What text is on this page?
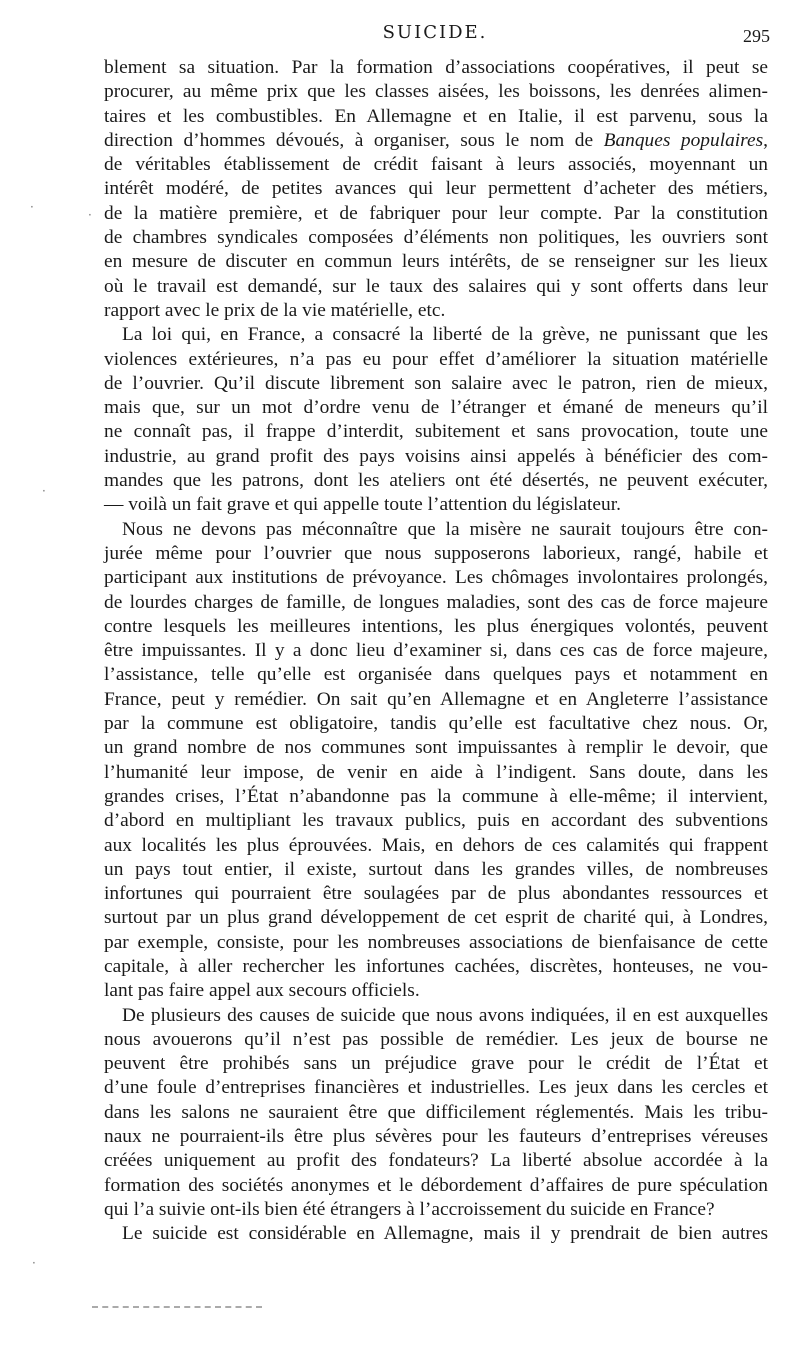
SUICIDE.	295

blement sa situation. Par la formation d’associations coopératives, il peut se
procurer, au même prix que les classes aisées, les boissons, les denrées alimen-
taires et les combustibles. En Allemagne et en Italie, il est parvenu, sous la
direction d’hommes dévoués, à organiser, sous le nom de Banques populaires,
de véritables établissement de crédit faisant à leurs associés, moyennant un
intérêt modéré, de petites avances qui leur permettent d’acheter des métiers,
de la matière première, et de fabriquer pour leur compte. Par la constitution
de chambres syndicales composées d’éléments non politiques, les ouvriers sont
en mesure de discuter en commun leurs intérêts, de se renseigner sur les lieux
où le travail est demandé, sur le taux des salaires qui y sont offerts dans leur
rapport avec le prix de la vie matérielle, etc.

La loi qui, en France, a consacré la liberté de la grève, ne punissant que les
violences extérieures, n’a pas eu pour effet d’améliorer la situation matérielle
de l’ouvrier. Qu’il discute librement son salaire avec le patron, rien de mieux,
mais que, sur un mot d’ordre venu de l’étranger et émané de meneurs qu’il
ne connaît pas, il frappe d’interdit, subitement et sans provocation, toute une
industrie, au grand profit des pays voisins ainsi appelés à bénéficier des com-
mandes que les patrons, dont les ateliers ont été désertés, ne peuvent exécuter,
— voilà un fait grave et qui appelle toute l’attention du législateur.

Nous ne devons pas méconnaître que la misère ne saurait toujours être con-
jurée même pour l’ouvrier que nous supposerons laborieux, rangé, habile et
participant aux institutions de prévoyance. Les chômages involontaires prolongés,
de lourdes charges de famille, de longues maladies, sont des cas de force majeure
contre lesquels les meilleures intentions, les plus énergiques volontés, peuvent
être impuissantes. Il y a donc lieu d’examiner si, dans ces cas de force majeure,
l’assistance, telle qu’elle est organisée dans quelques pays et notamment en
France, peut y remédier. On sait qu’en Allemagne et en Angleterre l’assistance
par la commune est obligatoire, tandis qu’elle est facultative chez nous. Or,
un grand nombre de nos communes sont impuissantes à remplir le devoir, que
l’humanité leur impose, de venir en aide à l’indigent. Sans doute, dans les
grandes crises, l’État n’abandonne pas la commune à elle-même; il intervient,
d’abord en multipliant les travaux publics, puis en accordant des subventions
aux localités les plus éprouvées. Mais, en dehors de ces calamités qui frappent
un pays tout entier, il existe, surtout dans les grandes villes, de nombreuses
infortunes qui pourraient être soulagées par de plus abondantes ressources et
surtout par un plus grand développement de cet esprit de charité qui, à Londres,
par exemple, consiste, pour les nombreuses associations de bienfaisance de cette
capitale, à aller rechercher les infortunes cachées, discrètes, honteuses, ne vou-
lant pas faire appel aux secours officiels.

De plusieurs des causes de suicide que nous avons indiquées, il en est auxquelles
nous avouerons qu’il n’est pas possible de remédier. Les jeux de bourse ne
peuvent être prohibés sans un préjudice grave pour le crédit de l’État et
d’une foule d’entreprises financières et industrielles. Les jeux dans les cercles et
dans les salons ne sauraient être que difficilement réglementés. Mais les tribu-
naux ne pourraient-ils être plus sévères pour les fauteurs d’entreprises véreuses
créées uniquement au profit des fondateurs? La liberté absolue accordée à la
formation des sociétés anonymes et le débordement d’affaires de pure spéculation
qui l’a suivie ont-ils bien été étrangers à l’accroissement du suicide en France?

Le suicide est considérable en Allemagne, mais il y prendrait de bien autres

·
·
·
·
